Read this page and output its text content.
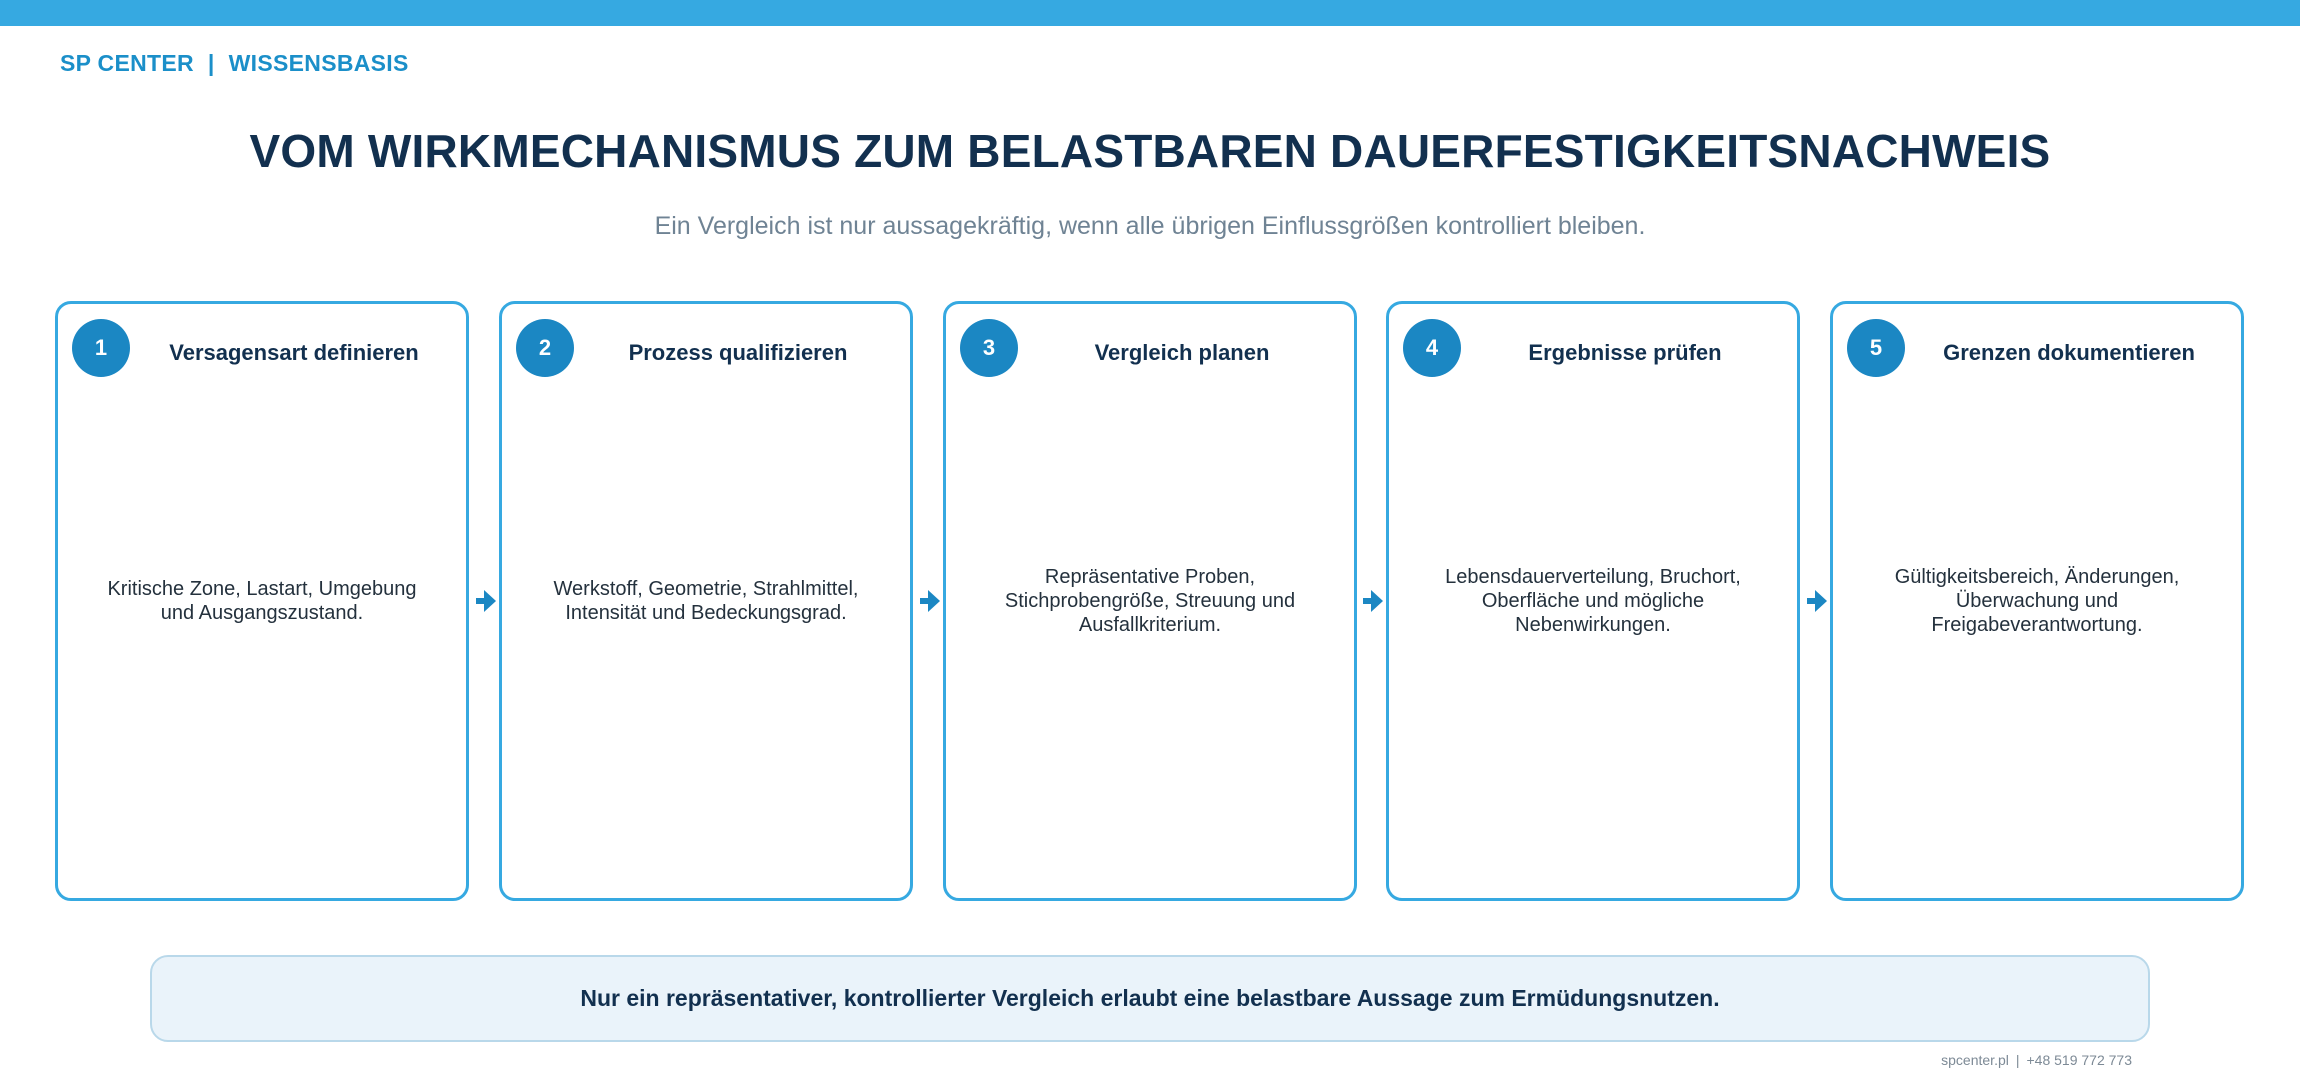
SP CENTER | WISSENSBASIS
VOM WIRKMECHANISMUS ZUM BELASTBAREN DAUERFESTIGKEITSNACHWEIS
Ein Vergleich ist nur aussagekräftig, wenn alle übrigen Einflussgrößen kontrolliert bleiben.
1	Versagensart definieren
Kritische Zone, Lastart, Umgebung
und Ausgangszustand.
2	Prozess qualifizieren
Werkstoff, Geometrie, Strahlmittel,
Intensität und Bedeckungsgrad.
3	Vergleich planen
Repräsentative Proben,
Stichprobengröße, Streuung und
Ausfallkriterium.
4	Ergebnisse prüfen
Lebensdauerverteilung, Bruchort,
Oberfläche und mögliche
Nebenwirkungen.
5	Grenzen dokumentieren
Gültigkeitsbereich, Änderungen,
Überwachung und
Freigabeverantwortung.
Nur ein repräsentativer, kontrollierter Vergleich erlaubt eine belastbare Aussage zum Ermüdungsnutzen.
spcenter.pl | +48 519 772 773
